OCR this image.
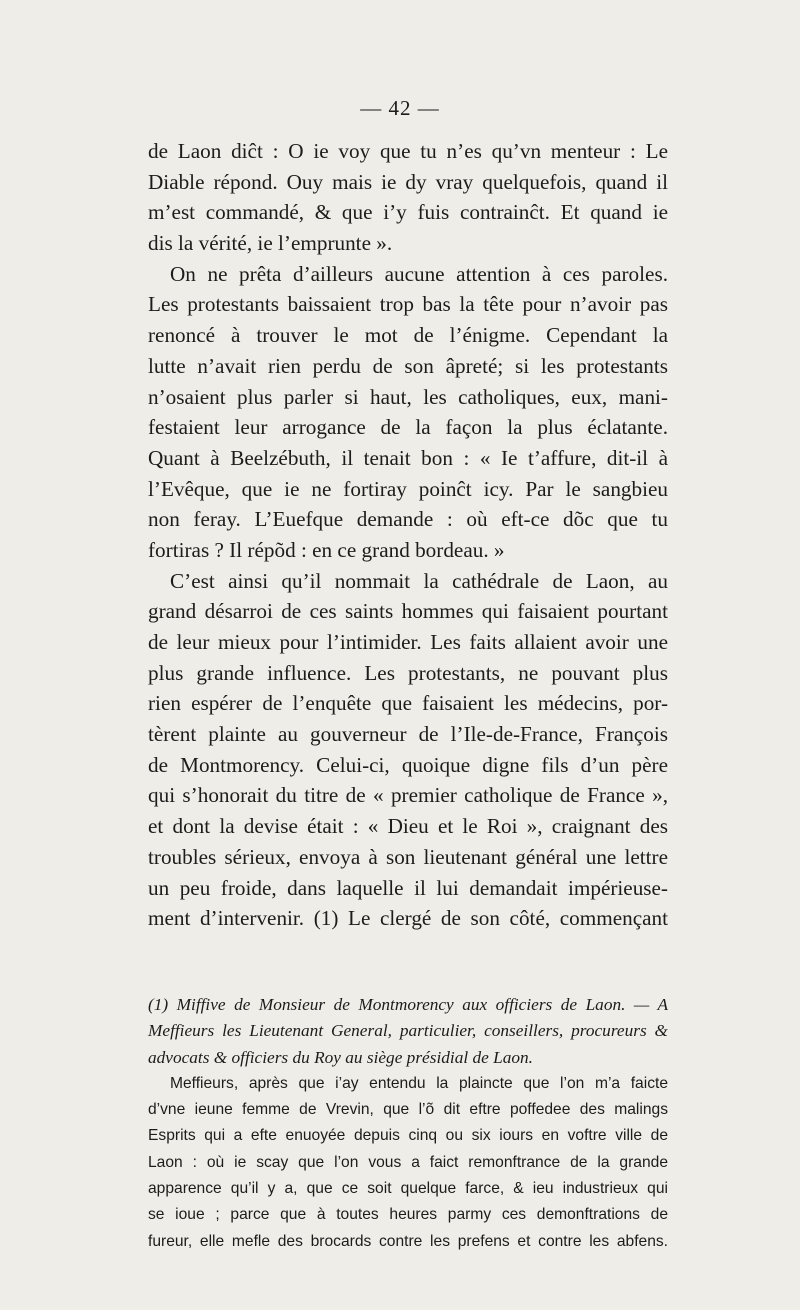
— 42 —
de Laon diĉt : O ie voy que tu n’es quʼvn menteur : Le
Diable répond. Ouy mais ie dy vray quelquefois, quand il
mʼest commandé, & que i’y fuis contrainĉt. Et quand ie
dis la vérité, ie l’emprunte ».
On ne prêta d’ailleurs aucune attention à ces paroles.
Les protestants baissaient trop bas la tête pour nʼavoir pas
renoncé à trouver le mot de l’énigme. Cependant la
lutte n’avait rien perdu de son âpreté; si les protestants
n’osaient plus parler si haut, les catholiques, eux, mani-
festaient leur arrogance de la façon la plus éclatante.
Quant à Beelzébuth, il tenait bon : « Ie t’affure, dit-il à
l’Evêque, que ie ne fortiray poinĉt icy. Par le sangbieu
non feray. L’Euefque demande : où eft-ce dõc que tu
fortiras ? Il répõd : en ce grand bordeau. »
C’est ainsi qu’il nommait la cathédrale de Laon, au
grand désarroi de ces saints hommes qui faisaient pourtant
de leur mieux pour l’intimider. Les faits allaient avoir une
plus grande influence. Les protestants, ne pouvant plus
rien espérer de l’enquête que faisaient les médecins, por-
tèrent plainte au gouverneur de l’Ile-de-France, François
de Montmorency. Celui-ci, quoique digne fils d’un père
qui s’honorait du titre de « premier catholique de France »,
et dont la devise était : « Dieu et le Roi », craignant des
troubles sérieux, envoya à son lieutenant général une lettre
un peu froide, dans laquelle il lui demandait impérieuse-
ment dʼintervenir. (1) Le clergé de son côté, commençant
(1) Miffive de Monsieur de Montmorency aux officiers de Laon. — A
Meffieurs les Lieutenant General, particulier, conseillers, procureurs &
advocats & officiers du Roy au siège présidial de Laon.
Meffieurs, après que i’ay entendu la plaincte que l’on m’a faicte
d’vne ieune femme de Vrevin, que l’õ dit eftre poffedee des malings
Esprits qui a efte enuoyée depuis cinq ou six iours en voftre ville de
Laon : où ie scay que l’on vous a faict remonftrance de la grande
apparence qu’il y a, que ce soit quelque farce, & ieu industrieux qui
se ioue ; parce que à toutes heures parmy ces demonftrations de
fureur, elle mefle des brocards contre les prefens et contre les abfens.
